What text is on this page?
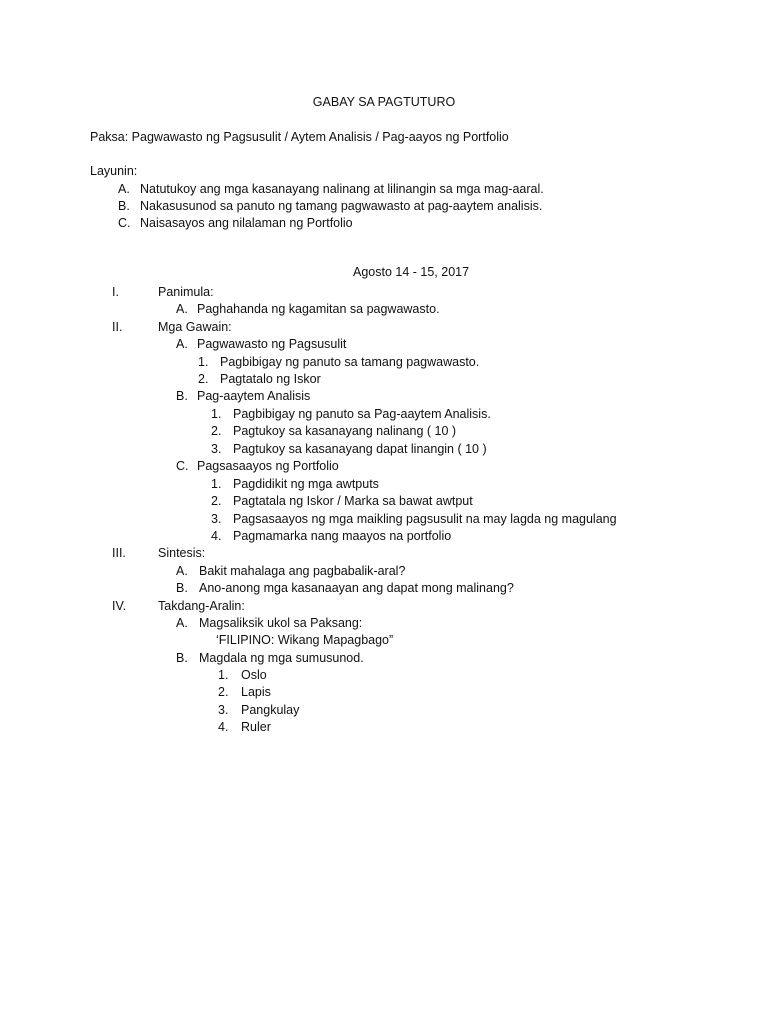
GABAY SA PAGTUTURO
Paksa: Pagwawasto ng Pagsusulit / Aytem Analisis / Pag-aayos ng Portfolio
Layunin:
A. Natutukoy ang mga kasanayang nalinang at lilinangin sa mga mag-aaral.
B. Nakasusunod sa panuto ng tamang pagwawasto at pag-aaytem analisis.
C. Naisasayos ang nilalaman ng Portfolio
Agosto 14 - 15, 2017
I.	Panimula:
A. Paghahanda ng kagamitan sa pagwawasto.
II.	Mga Gawain:
A. Pagwawasto ng Pagsusulit
1. Pagbibigay ng panuto sa tamang pagwawasto.
2. Pagtatalo ng Iskor
B. Pag-aaytem Analisis
1. Pagbibigay ng panuto sa Pag-aaytem Analisis.
2. Pagtukoy sa kasanayang nalinang ( 10 )
3. Pagtukoy sa kasanayang dapat linangin ( 10 )
C. Pagsasaayos ng Portfolio
1. Pagdidikit ng mga awtputs
2. Pagtatala ng Iskor / Marka sa bawat awtput
3. Pagsasaayos ng mga maikling pagsusulit na may lagda ng magulang
4. Pagmamarka nang maayos na portfolio
III.	Sintesis:
A. Bakit mahalaga ang pagbabalik-aral?
B. Ano-anong mga kasanaayan ang dapat mong malinang?
IV.	Takdang-Aralin:
A. Magsaliksik ukol sa Paksang:
‘FILIPINO: Wikang Mapagbago”
B. Magdala ng mga sumusunod.
1. Oslo
2. Lapis
3. Pangkulay
4. Ruler
